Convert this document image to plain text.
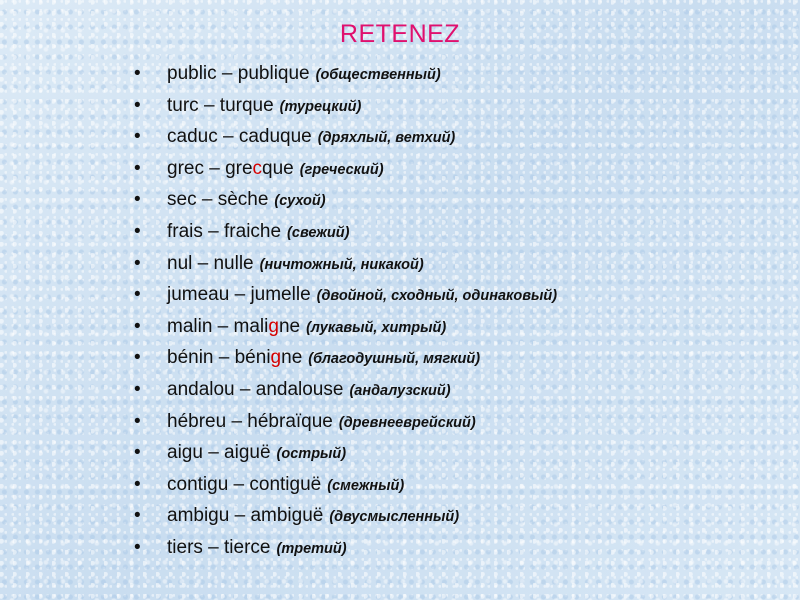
RETENEZ
• public – publique (общественный)
• turc – turque (турецкий)
• caduc – caduque (дряхлый, ветхий)
• grec – grecque (греческий)
• sec – sèche (сухой)
• frais – fraiche (свежий)
• nul – nulle (ничтожный, никакой)
• jumeau – jumelle (двойной, сходный, одинаковый)
• malin – maligne (лукавый, хитрый)
• bénin – bénigne (благодушный, мягкий)
• andalou – andalouse (андалузский)
• hébreu – hébraïque (древнееврейский)
• aigu – aiguë (острый)
• contigu – contiguë (смежный)
• ambigu – ambiguë (двусмысленный)
• tiers – tierce (третий)
